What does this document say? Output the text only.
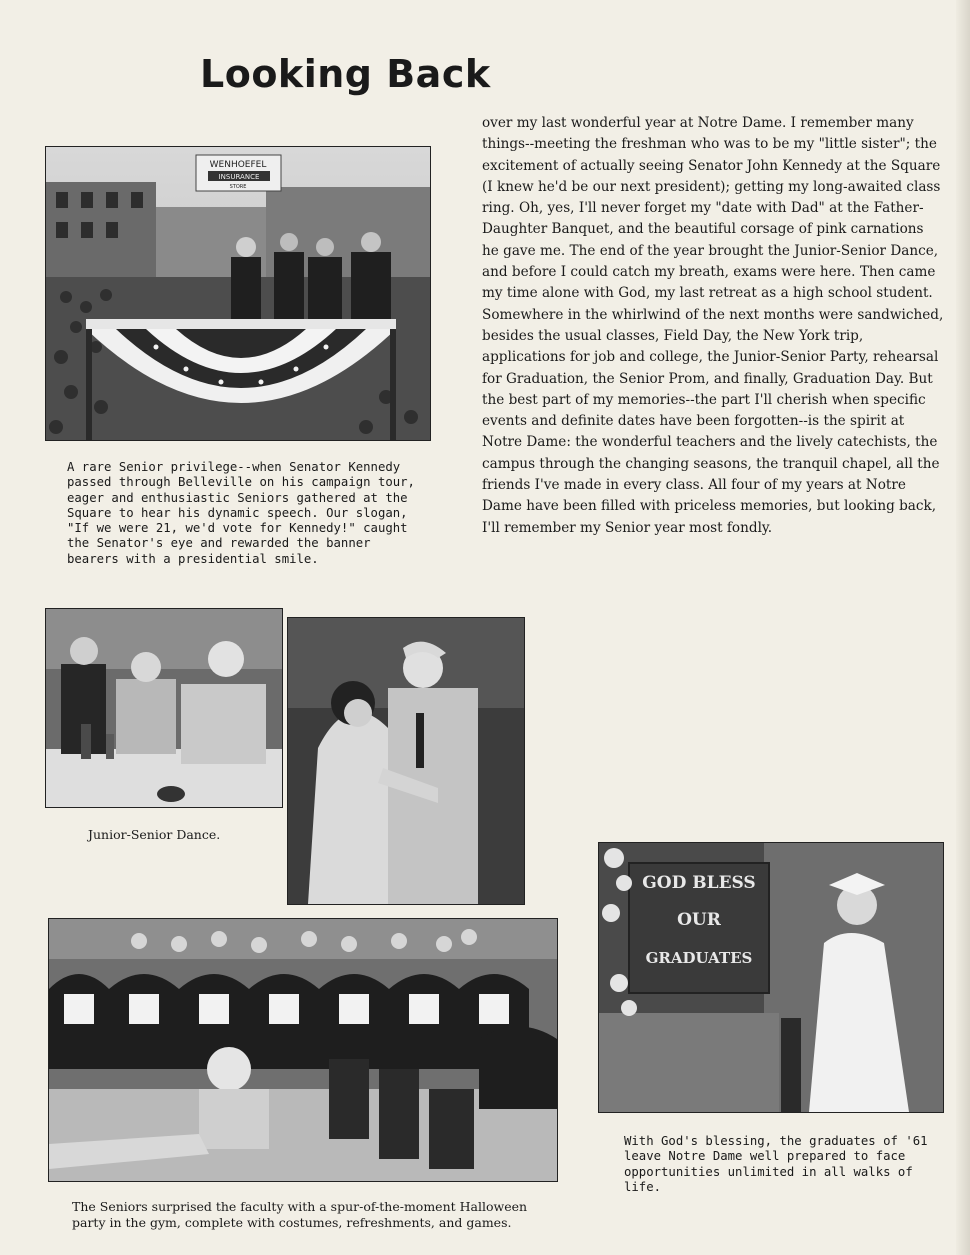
Looking Back
WENHOEFEL
INSURANCE
STORE

A rare Senior privilege--when Senator Kennedy passed through Belleville on his campaign tour, eager and enthusiastic Seniors gathered at the Square to hear his dynamic speech. Our slogan, "If we were 21, we'd vote for Kennedy!" caught the Senator's eye and rewarded the banner bearers with a presidential smile.

over my last wonderful year at Notre Dame. I remember many things--meeting the freshman who was to be my "little sister"; the excitement of actually seeing Senator John Kennedy at the Square (I knew he'd be our next president); getting my long-awaited class ring. Oh, yes, I'll never forget my "date with Dad" at the Father-Daughter Banquet, and the beautiful corsage of pink carnations he gave me. The end of the year brought the Junior-Senior Dance, and before I could catch my breath, exams were here. Then came my time alone with God, my last retreat as a high school student. Somewhere in the whirlwind of the next months were sandwiched, besides the usual classes, Field Day, the New York trip, applications for job and college, the Junior-Senior Party, rehearsal for Graduation, the Senior Prom, and finally, Graduation Day. But the best part of my memories--the part I'll cherish when specific events and definite dates have been forgotten--is the spirit at Notre Dame: the wonderful teachers and the lively catechists, the campus through the changing seasons, the tranquil chapel, all the friends I've made in every class. All four of my years at Notre Dame have been filled with priceless memories, but looking back, I'll remember my Senior year most fondly.

Junior-Senior Dance.

The Seniors surprised the faculty with a spur-of-the-moment Halloween party in the gym, complete with costumes, refreshments, and games.

GOD BLESS
OUR
GRADUATES

With God's blessing, the graduates of '61 leave Notre Dame well prepared to face opportunities unlimited in all walks of life.
